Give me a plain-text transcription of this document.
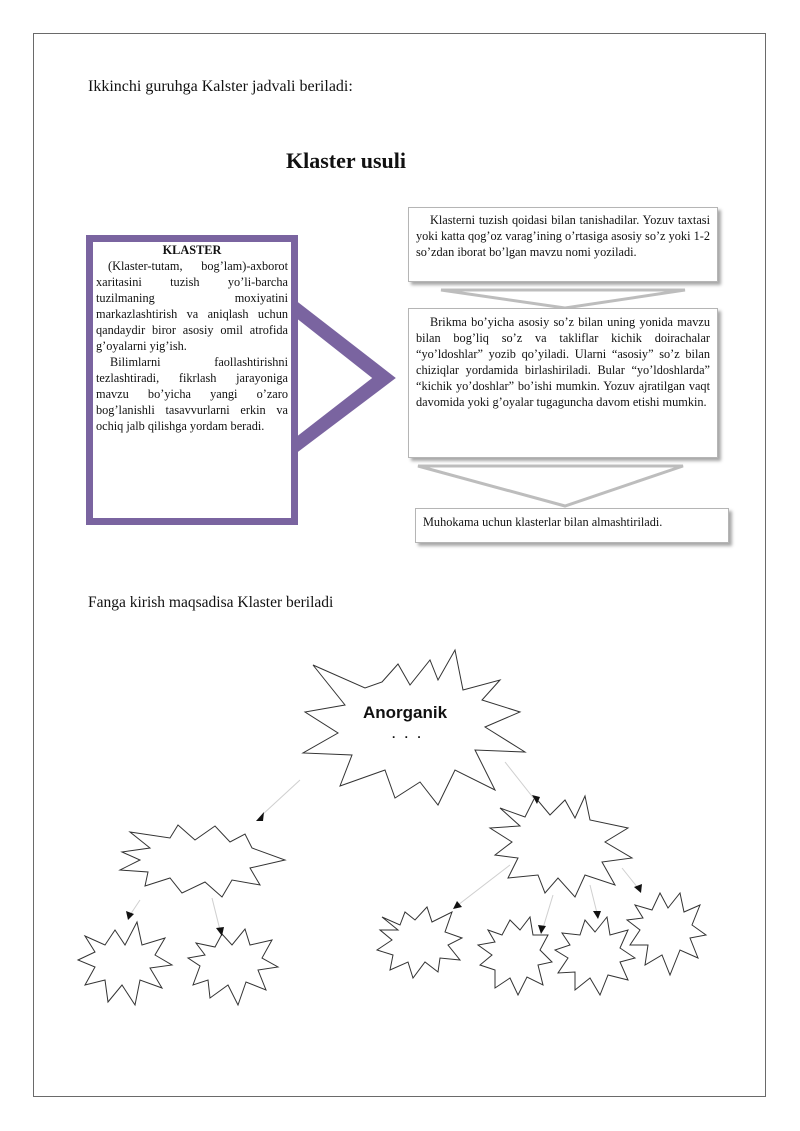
Ikkinchi guruhga Kalster jadvali beriladi:
Klaster usuli
KLASTER

(Klaster-tutam, bog’lam)-axborot xaritasini tuzish yo’li-barcha tuzilmaning moxiyatini markazlashtirish va aniqlash uchun qandaydir biror asosiy omil atrofida g’oyalarni yig’ish.

Bilimlarni faollashtirishni tezlashtiradi, fikrlash jarayoniga mavzu bo’yicha yangi o’zaro bog’lanishli tasavvurlarni erkin va ochiq jalb qilishga yordam beradi.

Klasterni tuzish qoidasi bilan tanishadilar. Yozuv taxtasi yoki katta qog’oz varag’ining o’rtasiga asosiy so’z yoki 1-2 so’zdan iborat bo’lgan mavzu nomi yoziladi.

Brikma bo’yicha asosiy so’z bilan uning yonida mavzu bilan bog’liq so’z va takliflar kichik doirachalar “yo’ldoshlar” yozib qo’yiladi. Ularni “asosiy” so’z bilan chiziqlar yordamida birlashiriladi. Bular “yo’ldoshlarda” “kichik yo’doshlar” bo’ishi mumkin. Yozuv ajratilgan vaqt davomida yoki g’oyalar tugaguncha davom etishi mumkin.

Muhokama uchun klasterlar bilan almashtiriladi.

Fanga kirish maqsadisa Klaster beriladi
Anorganik
. . .
